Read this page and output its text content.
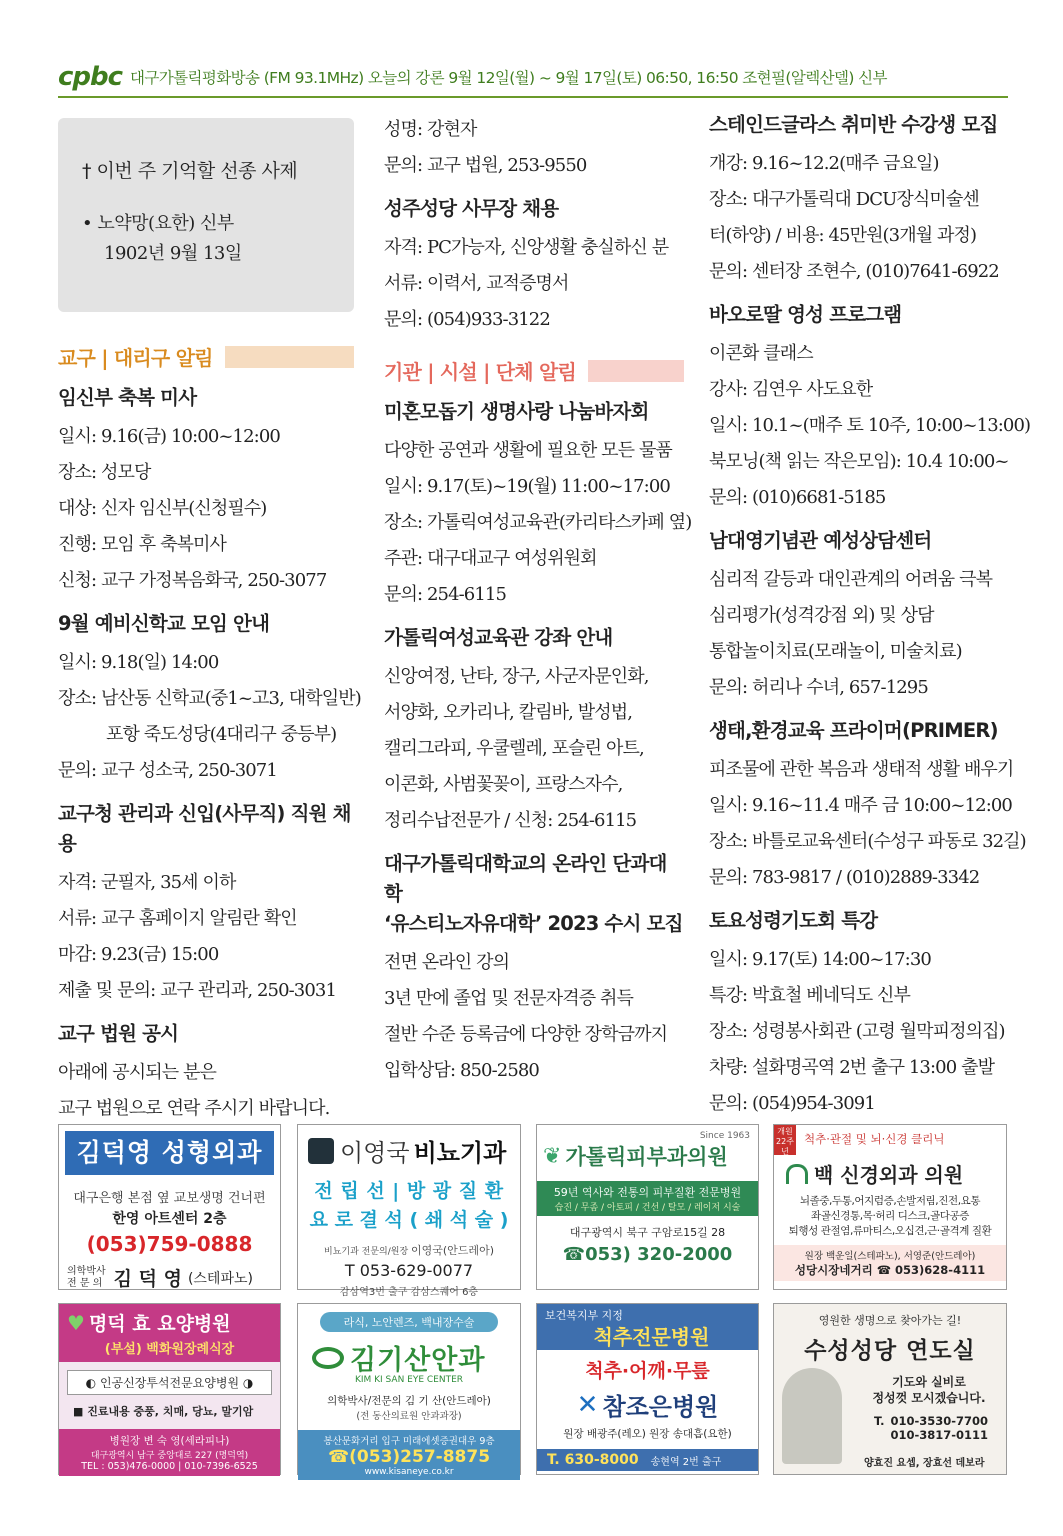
cpbc 대구가톨릭평화방송 (FM 93.1MHz) 오늘의 강론 9월 12일(월) ~ 9월 17일(토) 06:50, 16:50 조현필(알렉산델) 신부
† 이번 주 기억할 선종 사제
• 노약망(요한) 신부
1902년 9월 13일
교구 | 대리구 알림
임신부 축복 미사
일시: 9.16(금) 10:00~12:00
장소: 성모당
대상: 신자 임신부(신청필수)
진행: 모임 후 축복미사
신청: 교구 가정복음화국, 250-3077
9월 예비신학교 모임 안내
일시: 9.18(일) 14:00
장소: 남산동 신학교(중1~고3, 대학일반)
포항 죽도성당(4대리구 중등부)
문의: 교구 성소국, 250-3071
교구청 관리과 신입(사무직) 직원 채용
자격: 군필자, 35세 이하
서류: 교구 홈페이지 알림란 확인
마감: 9.23(금) 15:00
제출 및 문의: 교구 관리과, 250-3031
교구 법원 공시
아래에 공시되는 분은
교구 법원으로 연락 주시기 바랍니다.
성명: 강현자
문의: 교구 법원, 253-9550
성주성당 사무장 채용
자격: PC가능자, 신앙생활 충실하신 분
서류: 이력서, 교적증명서
문의: (054)933-3122
기관 | 시설 | 단체 알림
미혼모돕기 생명사랑 나눔바자회
다양한 공연과 생활에 필요한 모든 물품
일시: 9.17(토)~19(월) 11:00~17:00
장소: 가톨릭여성교육관(카리타스카페 옆)
주관: 대구대교구 여성위원회
문의: 254-6115
가톨릭여성교육관 강좌 안내
신앙여정, 난타, 장구, 사군자문인화,
서양화, 오카리나, 칼림바, 발성법,
캘리그라피, 우쿨렐레, 포슬린 아트,
이콘화, 사범꽃꽂이, 프랑스자수,
정리수납전문가 / 신청: 254-6115
대구가톨릭대학교의 온라인 단과대학
‘유스티노자유대학’ 2023 수시 모집
전면 온라인 강의
3년 만에 졸업 및 전문자격증 취득
절반 수준 등록금에 다양한 장학금까지
입학상담: 850-2580
스테인드글라스 취미반 수강생 모집
개강: 9.16~12.2(매주 금요일)
장소: 대구가톨릭대 DCU장식미술센
터(하양) / 비용: 45만원(3개월 과정)
문의: 센터장 조현수, (010)7641-6922
바오로딸 영성 프로그램
이콘화 클래스
강사: 김연우 사도요한
일시: 10.1~(매주 토 10주, 10:00~13:00)
북모닝(책 읽는 작은모임): 10.4 10:00~
문의: (010)6681-5185
남대영기념관 예성상담센터
심리적 갈등과 대인관계의 어려움 극복
심리평가(성격강점 외) 및 상담
통합놀이치료(모래놀이, 미술치료)
문의: 허리나 수녀, 657-1295
생태,환경교육 프라이머(PRIMER)
피조물에 관한 복음과 생태적 생활 배우기
일시: 9.16~11.4 매주 금 10:00~12:00
장소: 바틀로교육센터(수성구 파동로 32길)
문의: 783-9817 / (010)2889-3342
토요성령기도회 특강
일시: 9.17(토) 14:00~17:30
특강: 박효철 베네딕도 신부
장소: 성령봉사회관 (고령 월막피정의집)
차량: 설화명곡역 2번 출구 13:00 출발
문의: (054)954-3091
김덕영 성형외과
대구은행 본점 옆 교보생명 건너편
한영 아트센터 2층
(053)759-0888
의학박사
전 문 의 김 덕 영 (스테파노)
이영국 비뇨기과
전 립 선 | 방 광 질 환
요 로 결 석 ( 쇄 석 술 )
비뇨기과 전문의/원장 이영국(안드레아)
T 053-629-0077
감삼역3번 출구 감삼스퀘어 6층
Since 1963
❦ 가톨릭피부과의원
59년 역사와 전통의 피부질환 전문병원
습진 / 무좀 / 아토피 / 건선 / 탈모 / 레이저 시술
대구광역시 북구 구암로15길 28
☎053) 320-2000
개원 22주년
척추·관절 및 뇌·신경 클리닉
백 신경외과 의원
뇌졸중,두통,어지럼증,손발저림,진전,요통
좌골신경통,목·허리 디스크,골다공증
퇴행성 관절염,류마티스,오십견,근·골격계 질환
원장 백운일(스테파노), 서영준(안드레아)
성당시장네거리 ☎ 053)628-4111
♥ 명덕 효 요양병원
(부설) 백화원장례식장
◐ 인공신장투석전문요양병원 ◑
■ 진료내용 중풍, 치매, 당뇨, 말기암
병원장 변 숙 영(세라피나)
대구광역시 남구 중앙대로 227 (명덕역)
TEL : 053)476-0000 | 010-7396-6525
라식, 노안렌즈, 백내장수술
김기산안과
KIM KI SAN EYE CENTER
의학박사/전문의 김 기 산(안드레아)
(전 동산의료원 안과과장)
봉산문화거리 입구 미래에셋증권대우 9층
☎(053)257-8875
www.kisaneye.co.kr
보건복지부 지정
척추전문병원
척추·어깨·무릎
✕ 참조은병원
원장 배광주(레오) 원장 송대흡(요한)
T. 630-8000 송현역 2번 출구
영원한 생명으로 찾아가는 길!
수성성당 연도실
기도와 실비로
정성껏 모시겠습니다.
T. 010-3530-7700
010-3817-0111
양효진 요셉, 장효선 데보라
